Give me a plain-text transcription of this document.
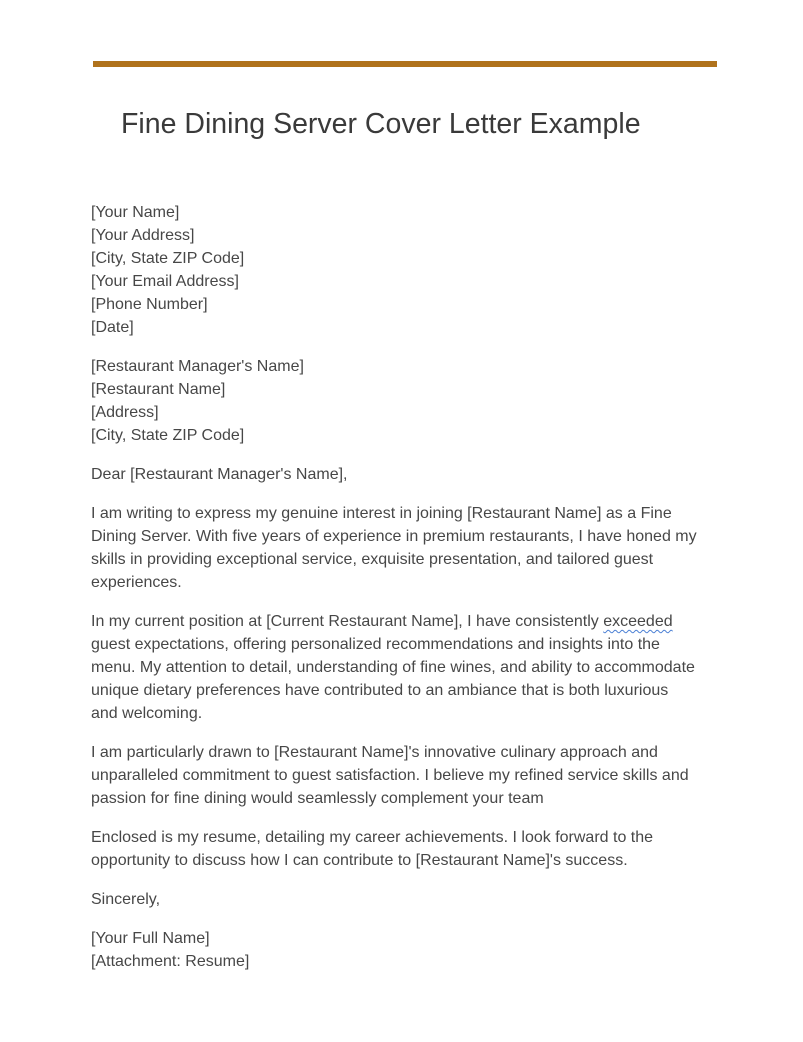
Fine Dining Server Cover Letter Example
[Your Name]
[Your Address]
[City, State ZIP Code]
[Your Email Address]
[Phone Number]
[Date]
[Restaurant Manager's Name]
[Restaurant Name]
[Address]
[City, State ZIP Code]

Dear [Restaurant Manager's Name],

I am writing to express my genuine interest in joining [Restaurant Name] as a Fine Dining Server. With five years of experience in premium restaurants, I have honed my skills in providing exceptional service, exquisite presentation, and tailored guest experiences.

In my current position at [Current Restaurant Name], I have consistently exceeded guest expectations, offering personalized recommendations and insights into the menu. My attention to detail, understanding of fine wines, and ability to accommodate unique dietary preferences have contributed to an ambiance that is both luxurious and welcoming.

I am particularly drawn to [Restaurant Name]'s innovative culinary approach and unparalleled commitment to guest satisfaction. I believe my refined service skills and passion for fine dining would seamlessly complement your team

Enclosed is my resume, detailing my career achievements. I look forward to the opportunity to discuss how I can contribute to [Restaurant Name]'s success.

Sincerely,

[Your Full Name]
[Attachment: Resume]
